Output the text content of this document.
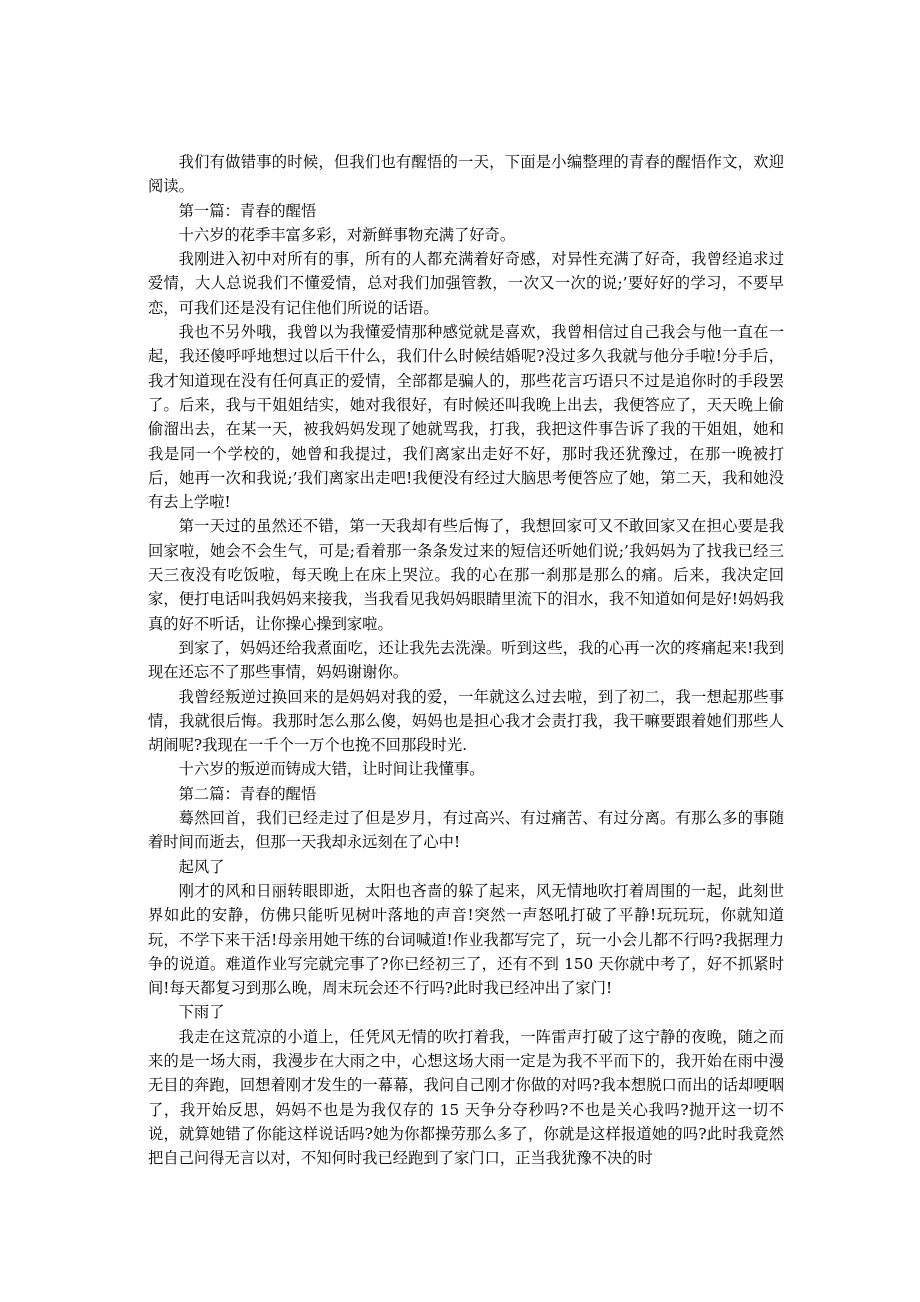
我们有做错事的时候，但我们也有醒悟的一天，下面是小编整理的青春的醒悟作文，欢迎阅读。

第一篇：青春的醒悟

十六岁的花季丰富多彩，对新鲜事物充满了好奇。

我刚进入初中对所有的事，所有的人都充满着好奇感，对异性充满了好奇，我曾经追求过爱情，大人总说我们不懂爱情，总对我们加强管教，一次又一次的说;’要好好的学习，不要早恋，可我们还是没有记住他们所说的话语。

我也不另外哦，我曾以为我懂爱情那种感觉就是喜欢，我曾相信过自己我会与他一直在一起，我还傻呼呼地想过以后干什么，我们什么时候结婚呢?没过多久我就与他分手啦!分手后，我才知道现在没有任何真正的爱情，全部都是骗人的，那些花言巧语只不过是追你时的手段罢了。后来，我与干姐姐结实，她对我很好，有时候还叫我晚上出去，我便答应了，天天晚上偷偷溜出去，在某一天，被我妈妈发现了她就骂我，打我，我把这件事告诉了我的干姐姐，她和我是同一个学校的，她曾和我提过，我们离家出走好不好，那时我还犹豫过，在那一晚被打后，她再一次和我说;’我们离家出走吧!我便没有经过大脑思考便答应了她，第二天，我和她没有去上学啦!

第一天过的虽然还不错，第一天我却有些后悔了，我想回家可又不敢回家又在担心要是我回家啦，她会不会生气，可是;看着那一条条发过来的短信还听她们说;’我妈妈为了找我已经三天三夜没有吃饭啦，每天晚上在床上哭泣。我的心在那一刹那是那么的痛。后来，我决定回家，便打电话叫我妈妈来接我，当我看见我妈妈眼睛里流下的泪水，我不知道如何是好!妈妈我真的好不听话，让你操心操到家啦。

到家了，妈妈还给我煮面吃，还让我先去洗澡。听到这些，我的心再一次的疼痛起来!我到现在还忘不了那些事情，妈妈谢谢你。

我曾经叛逆过换回来的是妈妈对我的爱，一年就这么过去啦，到了初二，我一想起那些事情，我就很后悔。我那时怎么那么傻，妈妈也是担心我才会责打我，我干嘛要跟着她们那些人胡闹呢?我现在一千个一万个也挽不回那段时光.

十六岁的叛逆而铸成大错，让时间让我懂事。

第二篇：青春的醒悟

蓦然回首，我们已经走过了但是岁月，有过高兴、有过痛苦、有过分离。有那么多的事随着时间而逝去，但那一天我却永远刻在了心中!

起风了

刚才的风和日丽转眼即逝，太阳也吝啬的躲了起来，风无情地吹打着周围的一起，此刻世界如此的安静，仿佛只能听见树叶落地的声音!突然一声怒吼打破了平静!玩玩玩，你就知道玩，不学下来干活!母亲用她干练的台词喊道!作业我都写完了，玩一小会儿都不行吗?我据理力争的说道。难道作业写完就完事了?你已经初三了，还有不到 150 天你就中考了，好不抓紧时间!每天都复习到那么晚，周末玩会还不行吗?此时我已经冲出了家门!

下雨了

我走在这荒凉的小道上，任凭风无情的吹打着我，一阵雷声打破了这宁静的夜晚，随之而来的是一场大雨，我漫步在大雨之中，心想这场大雨一定是为我不平而下的，我开始在雨中漫无目的奔跑，回想着刚才发生的一幕幕，我问自己刚才你做的对吗?我本想脱口而出的话却哽咽了，我开始反思，妈妈不也是为我仅存的 15 天争分夺秒吗?不也是关心我吗?抛开这一切不说，就算她错了你能这样说话吗?她为你都操劳那么多了，你就是这样报道她的吗?此时我竟然把自己问得无言以对，不知何时我已经跑到了家门口，正当我犹豫不决的时
